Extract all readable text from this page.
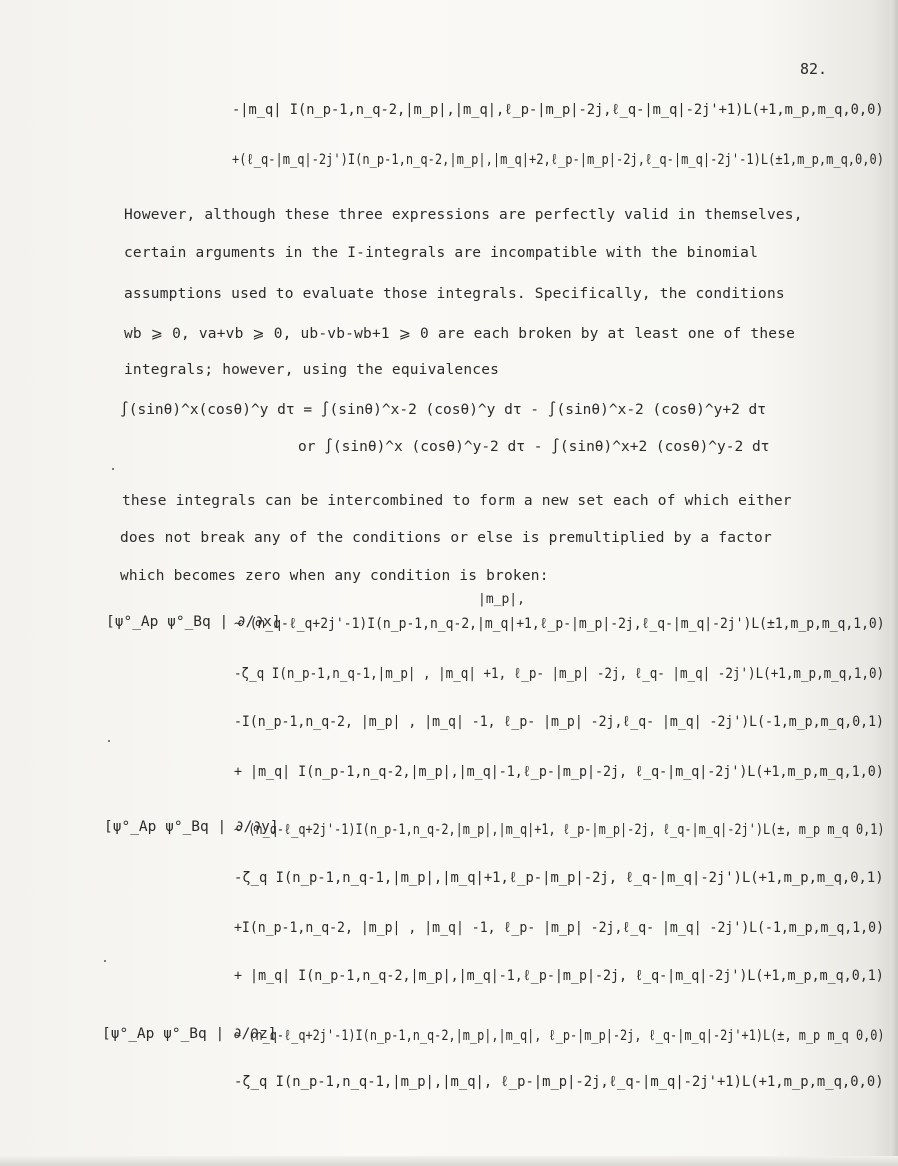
82.
-|m_q| I(n_p-1,n_q-2,|m_p|,|m_q|,ℓ_p-|m_p|-2j,ℓ_q-|m_q|-2j'+1)L(+1,m_p,m_q,0,0)
+(ℓ_q-|m_q|-2j')I(n_p-1,n_q-2,|m_p|,|m_q|+2,ℓ_p-|m_p|-2j,ℓ_q-|m_q|-2j'-1)L(±1,m_p,m_q,0,0)
However, although these three expressions are perfectly valid in themselves,
certain arguments in the I-integrals are incompatible with the binomial
assumptions used to evaluate those integrals. Specifically, the conditions
wb ⩾ 0, va+vb ⩾ 0, ub-vb-wb+1 ⩾ 0 are each broken by at least one of these
integrals; however, using the equivalences
∫(sinθ)^x(cosθ)^y dτ = ∫(sinθ)^x-2 (cosθ)^y dτ - ∫(sinθ)^x-2 (cosθ)^y+2 dτ
or ∫(sinθ)^x (cosθ)^y-2 dτ - ∫(sinθ)^x+2 (cosθ)^y-2 dτ
these integrals can be intercombined to form a new set each of which either
does not break any of the conditions or else is premultiplied by a factor
which becomes zero when any condition is broken:
|m_p|,
[ψ°_Ap ψ°_Bq | ∂/∂x]
~ (n_q-ℓ_q+2j'-1)I(n_p-1,n_q-2,|m_q|+1,ℓ_p-|m_p|-2j,ℓ_q-|m_q|-2j')L(±1,m_p,m_q,1,0)
-ζ_q I(n_p-1,n_q-1,|m_p| , |m_q| +1, ℓ_p- |m_p| -2j, ℓ_q- |m_q| -2j')L(+1,m_p,m_q,1,0)
-I(n_p-1,n_q-2, |m_p| , |m_q| -1, ℓ_p- |m_p| -2j,ℓ_q- |m_q| -2j')L(-1,m_p,m_q,0,1)
+ |m_q| I(n_p-1,n_q-2,|m_p|,|m_q|-1,ℓ_p-|m_p|-2j, ℓ_q-|m_q|-2j')L(+1,m_p,m_q,1,0)
[ψ°_Ap ψ°_Bq | ∂/∂y]
~ (n_q-ℓ_q+2j'-1)I(n_p-1,n_q-2,|m_p|,|m_q|+1, ℓ_p-|m_p|-2j, ℓ_q-|m_q|-2j')L(±, m_p m_q 0,1)
-ζ_q I(n_p-1,n_q-1,|m_p|,|m_q|+1,ℓ_p-|m_p|-2j, ℓ_q-|m_q|-2j')L(+1,m_p,m_q,0,1)
+I(n_p-1,n_q-2, |m_p| , |m_q| -1, ℓ_p- |m_p| -2j,ℓ_q- |m_q| -2j')L(-1,m_p,m_q,1,0)
+ |m_q| I(n_p-1,n_q-2,|m_p|,|m_q|-1,ℓ_p-|m_p|-2j, ℓ_q-|m_q|-2j')L(+1,m_p,m_q,0,1)
[ψ°_Ap ψ°_Bq | ∂/∂z]
~ (n_q-ℓ_q+2j'-1)I(n_p-1,n_q-2,|m_p|,|m_q|, ℓ_p-|m_p|-2j, ℓ_q-|m_q|-2j'+1)L(±, m_p m_q 0,0)
-ζ_q I(n_p-1,n_q-1,|m_p|,|m_q|, ℓ_p-|m_p|-2j,ℓ_q-|m_q|-2j'+1)L(+1,m_p,m_q,0,0)
